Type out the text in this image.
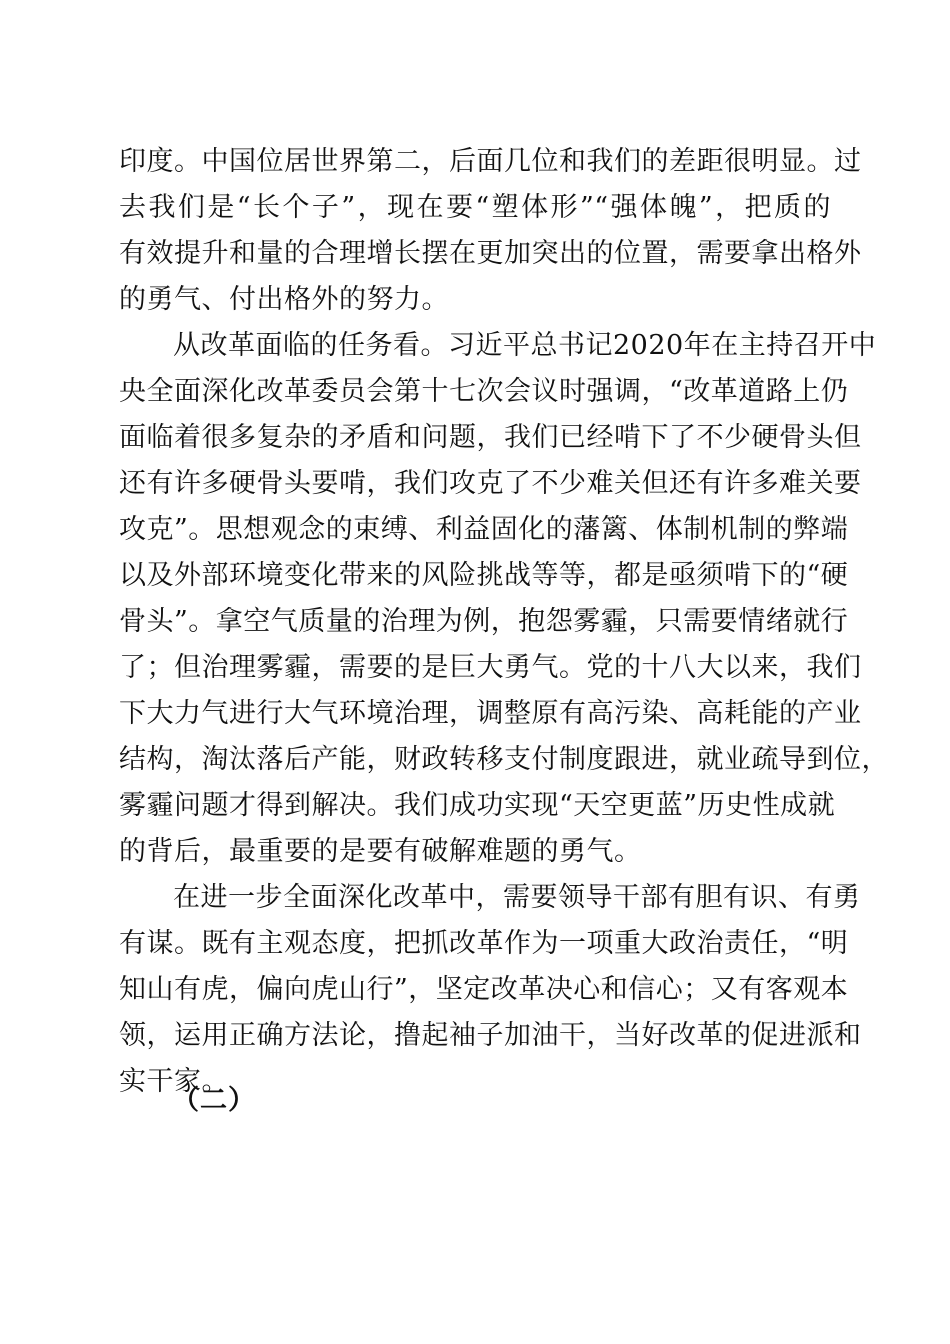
印度。中国位居世界第二，后面几位和我们的差距很明显。过
去我们是“长个子”，现在要“塑体形”“强体魄”，把质的
有效提升和量的合理增长摆在更加突出的位置，需要拿出格外
的勇气、付出格外的努力。
从改革面临的任务看。习近平总书记2020年在主持召开中
央全面深化改革委员会第十七次会议时强调，“改革道路上仍
面临着很多复杂的矛盾和问题，我们已经啃下了不少硬骨头但
还有许多硬骨头要啃，我们攻克了不少难关但还有许多难关要
攻克”。思想观念的束缚、利益固化的藩篱、体制机制的弊端
以及外部环境变化带来的风险挑战等等，都是亟须啃下的“硬
骨头”。拿空气质量的治理为例，抱怨雾霾，只需要情绪就行
了；但治理雾霾，需要的是巨大勇气。党的十八大以来，我们
下大力气进行大气环境治理，调整原有高污染、高耗能的产业
结构，淘汰落后产能，财政转移支付制度跟进，就业疏导到位，
雾霾问题才得到解决。我们成功实现“天空更蓝”历史性成就
的背后，最重要的是要有破解难题的勇气。
在进一步全面深化改革中，需要领导干部有胆有识、有勇
有谋。既有主观态度，把抓改革作为一项重大政治责任，“明
知山有虎，偏向虎山行”，坚定改革决心和信心；又有客观本
领，运用正确方法论，撸起袖子加油干，当好改革的促进派和
实干家。
（二）
